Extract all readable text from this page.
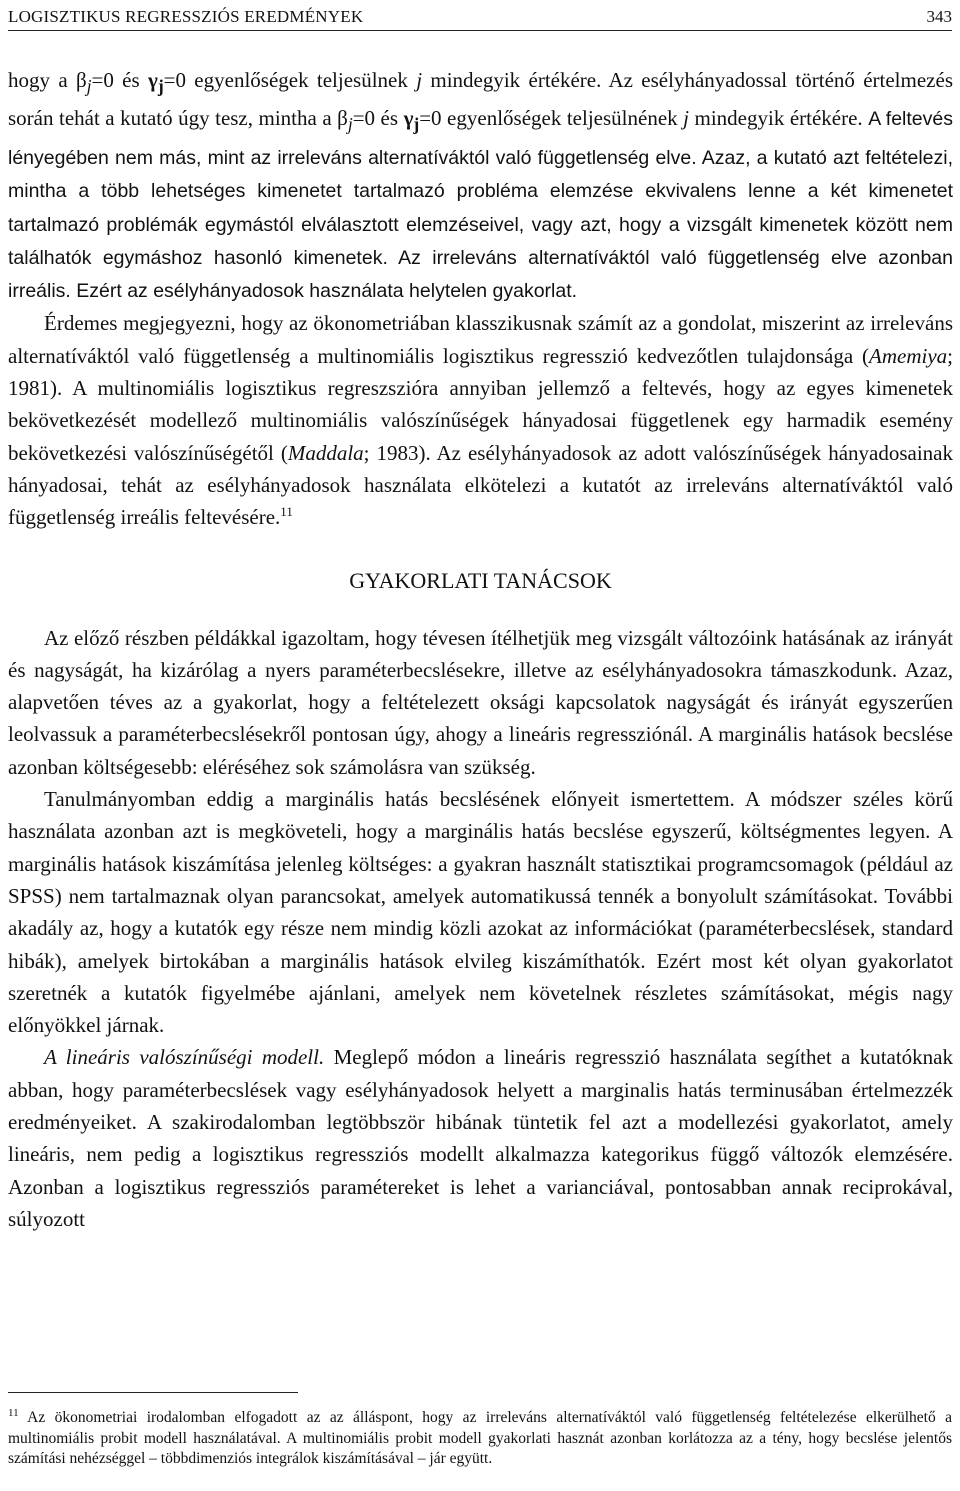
LOGISZTIKUS REGRESSZIÓS EREDMÉNYEK	343

hogy a $\beta_j=0$ és $\gamma_j=0$ egyenlőségek teljesülnek j mindegyik értékére. Az esélyhányadossal történő értelmezés során tehát a kutató úgy tesz, mintha a $\beta_j=0$ és $\gamma_j=0$ egyenlőségek teljesülnének j mindegyik értékére. A feltevés lényegében nem más, mint az irreleváns alternatíváktól való függetlenség elve. Azaz, a kutató azt feltételezi, mintha a több lehetséges kimenetet tartalmazó probléma elemzése ekvivalens lenne a két kimenetet tartalmazó problémák egymástól elválasztott elemzéseivel, vagy azt, hogy a vizsgált kimenetek között nem találhatók egymáshoz hasonló kimenetek. Az irreleváns alternatíváktól való függetlenség elve azonban irreális. Ezért az esélyhányadosok használata helytelen gyakorlat.

Érdemes megjegyezni, hogy az ökonometriában klasszikusnak számít az a gondolat, miszerint az irreleváns alternatíváktól való függetlenség a multinomiális logisztikus regresszió kedvezőtlen tulajdonsága (Amemiya; 1981). A multinomiális logisztikus regreszszióra annyiban jellemző a feltevés, hogy az egyes kimenetek bekövetkezését modellező multinomiális valószínűségek hányadosai függetlenek egy harmadik esemény bekövetkezési valószínűségétől (Maddala; 1983). Az esélyhányadosok az adott valószínűségek hányadosainak hányadosai, tehát az esélyhányadosok használata elkötelezi a kutatót az irreleváns alternatíváktól való függetlenség irreális feltevésére.$^{11}$

GYAKORLATI TANÁCSOK

Az előző részben példákkal igazoltam, hogy tévesen ítélhetjük meg vizsgált változóink hatásának az irányát és nagyságát, ha kizárólag a nyers paraméterbecslésekre, illetve az esélyhányadosokra támaszkodunk. Azaz, alapvetően téves az a gyakorlat, hogy a feltételezett oksági kapcsolatok nagyságát és irányát egyszerűen leolvassuk a paraméterbecslésekről pontosan úgy, ahogy a lineáris regressziónál. A marginális hatások becslése azonban költségesebb: eléréséhez sok számolásra van szükség.

Tanulmányomban eddig a marginális hatás becslésének előnyeit ismertettem. A módszer széles körű használata azonban azt is megköveteli, hogy a marginális hatás becslése egyszerű, költségmentes legyen. A marginális hatások kiszámítása jelenleg költséges: a gyakran használt statisztikai programcsomagok (például az SPSS) nem tartalmaznak olyan parancsokat, amelyek automatikussá tennék a bonyolult számításokat. További akadály az, hogy a kutatók egy része nem mindig közli azokat az információkat (paraméterbecslések, standard hibák), amelyek birtokában a marginális hatások elvileg kiszámíthatók. Ezért most két olyan gyakorlatot szeretnék a kutatók figyelmébe ajánlani, amelyek nem követelnek részletes számításokat, mégis nagy előnyökkel járnak.

A lineáris valószínűségi modell. Meglepő módon a lineáris regresszió használata segíthet a kutatóknak abban, hogy paraméterbecslések vagy esélyhányadosok helyett a marginalis hatás terminusában értelmezzék eredményeiket. A szakirodalomban legtöbbször hibának tüntetik fel azt a modellezési gyakorlatot, amely lineáris, nem pedig a logisztikus regressziós modellt alkalmazza kategorikus függő változók elemzésére. Azonban a logisztikus regressziós paramétereket is lehet a varianciával, pontosabban annak reciprokával, súlyozott

$^{11}$ Az ökonometriai irodalomban elfogadott az az álláspont, hogy az irreleváns alternatíváktól való függetlenség feltételezése elkerülhető a multinomiális probit modell használatával. A multinomiális probit modell gyakorlati hasznát azonban korlátozza az a tény, hogy becslése jelentős számítási nehézséggel – többdimenziós integrálok kiszámításával – jár együtt.
